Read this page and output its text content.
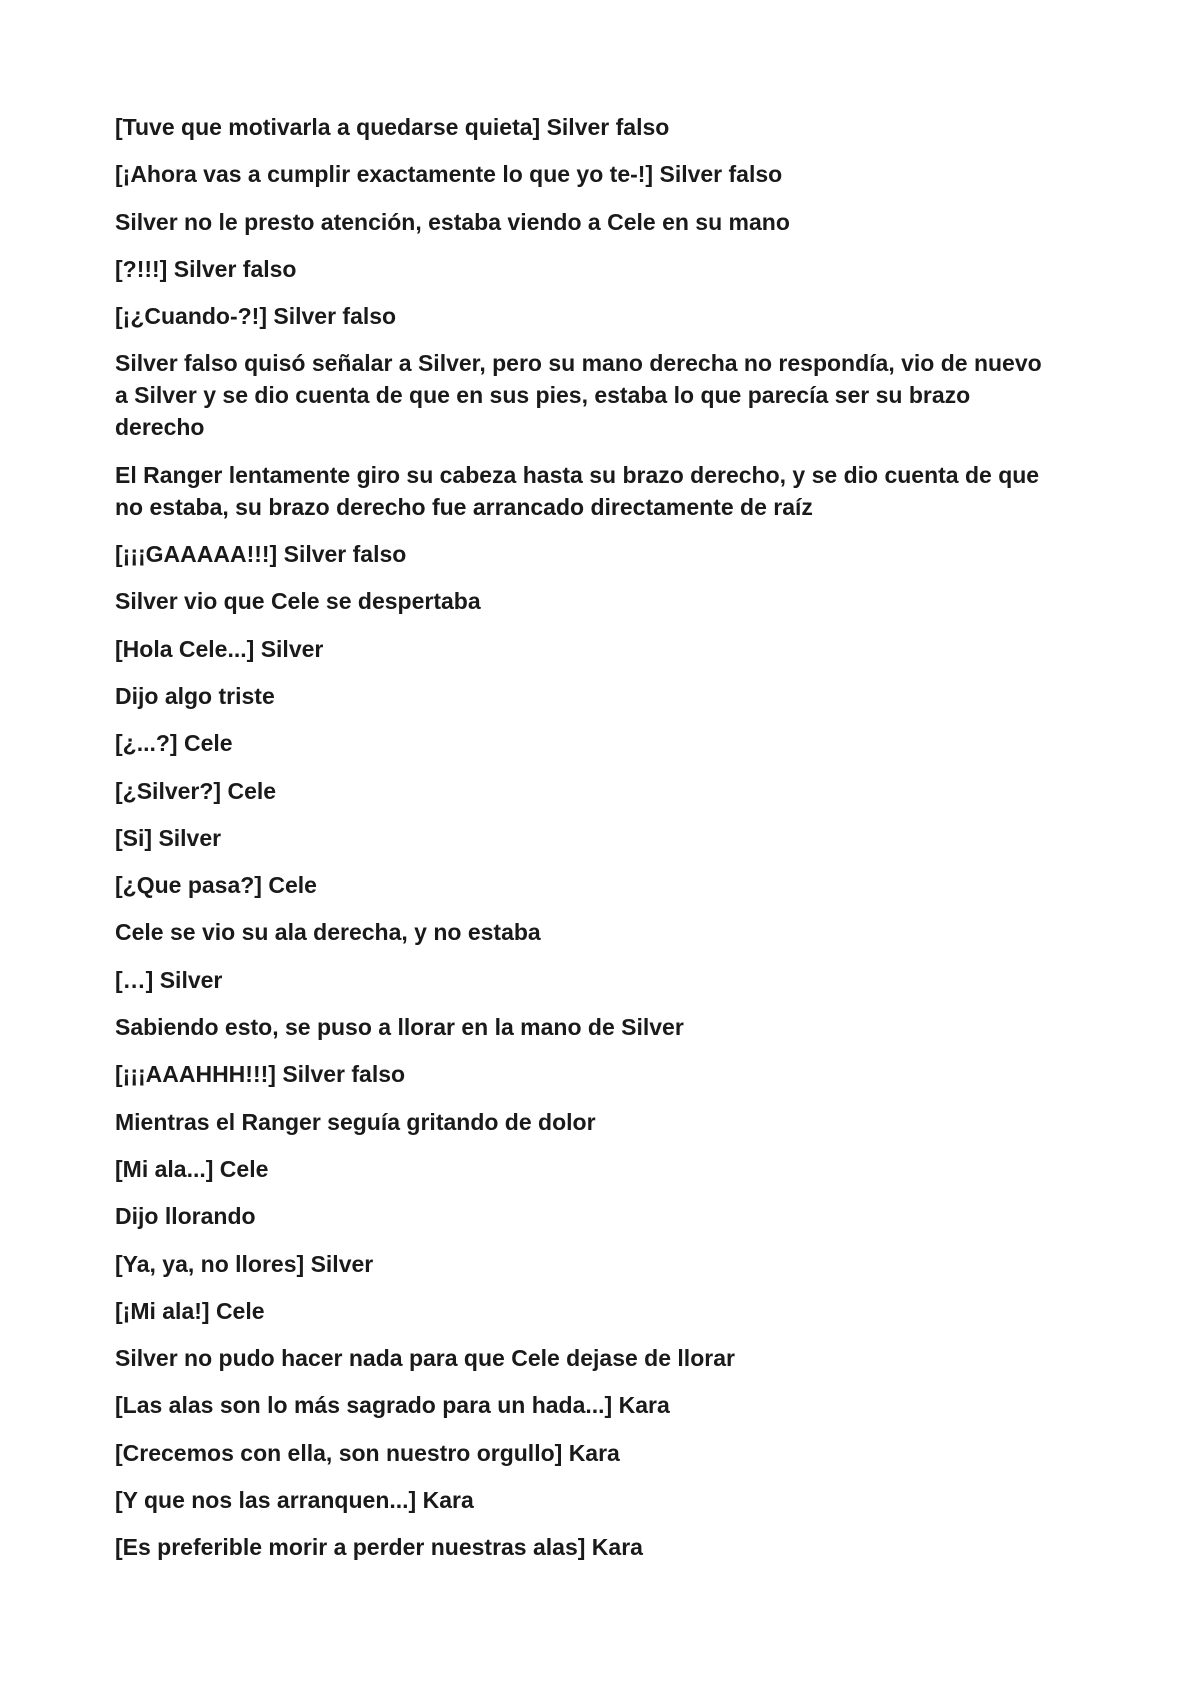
[Tuve que motivarla a quedarse quieta] Silver falso

[¡Ahora vas a cumplir exactamente lo que yo te-!] Silver falso

Silver no le presto atención, estaba viendo a Cele en su mano

[?!!!] Silver falso

[¡¿Cuando-?!] Silver falso

Silver falso quisó señalar a Silver, pero su mano derecha no respondía, vio de nuevo a Silver y se dio cuenta de que en sus pies, estaba lo que parecía ser su brazo derecho

El Ranger lentamente giro su cabeza hasta su brazo derecho, y se dio cuenta de que no estaba, su brazo derecho fue arrancado directamente de raíz

[¡¡¡GAAAAA!!!] Silver falso

Silver vio que Cele se despertaba

[Hola Cele...] Silver

Dijo algo triste

[¿...?] Cele

[¿Silver?] Cele

[Si] Silver

[¿Que pasa?] Cele

Cele se vio su ala derecha, y no estaba

[…] Silver

Sabiendo esto, se puso a llorar en la mano de Silver

[¡¡¡AAAHHH!!!] Silver falso

Mientras el Ranger seguía gritando de dolor

[Mi ala...] Cele

Dijo llorando

[Ya, ya, no llores] Silver

[¡Mi ala!] Cele

Silver no pudo hacer nada para que Cele dejase de llorar

[Las alas son lo más sagrado para un hada...] Kara

[Crecemos con ella, son nuestro orgullo] Kara

[Y que nos las arranquen...] Kara

[Es preferible morir a perder nuestras alas] Kara
